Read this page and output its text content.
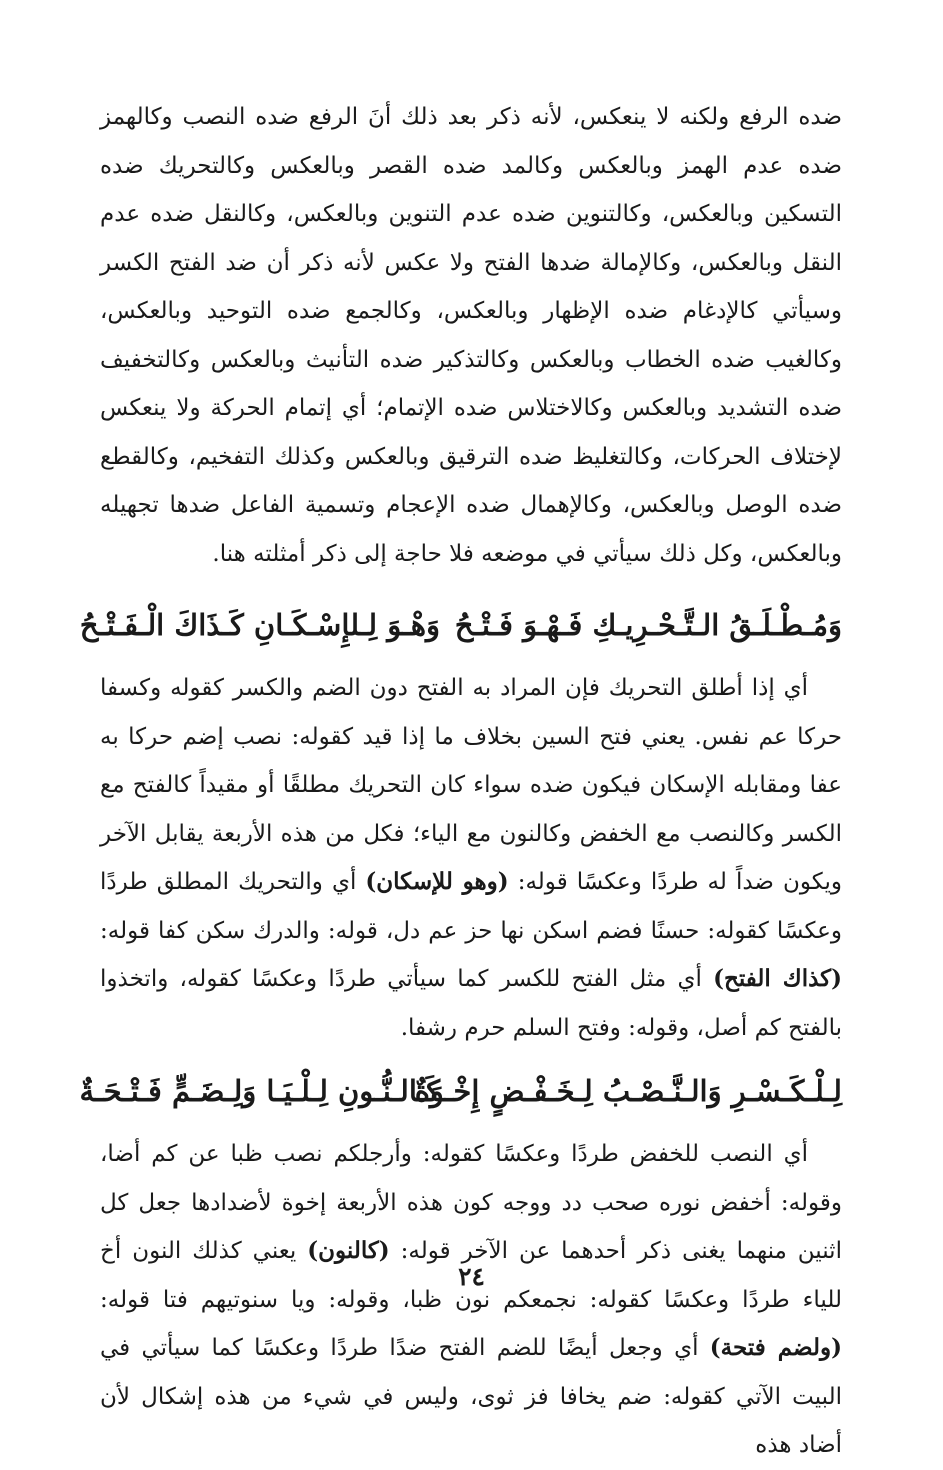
ضده الرفع ولكنه لا ينعكس، لأنه ذكر بعد ذلك أنَ الرفع ضده النصب وكالهمز ضده عدم الهمز وبالعكس وكالمد ضده القصر وبالعكس وكالتحريك ضده التسكين وبالعكس، وكالتنوين ضده عدم التنوين وبالعكس، وكالنقل ضده عدم النقل وبالعكس، وكالإمالة ضدها الفتح ولا عكس لأنه ذكر أن ضد الفتح الكسر وسيأتي كالإدغام ضده الإظهار وبالعكس، وكالجمع ضده التوحيد وبالعكس، وكالغيب ضده الخطاب وبالعكس وكالتذكير ضده التأنيث وبالعكس وكالتخفيف ضده التشديد وبالعكس وكالاختلاس ضده الإتمام؛ أي إتمام الحركة ولا ينعكس لإختلاف الحركات، وكالتغليظ ضده الترقيق وبالعكس وكذلك التفخيم، وكالقطع ضده الوصل وبالعكس، وكالإهمال ضده الإعجام وتسمية الفاعل ضدها تجهيله وبالعكس، وكل ذلك سيأتي في موضعه فلا حاجة إلى ذكر أمثلته هنا.

وَمُـطْـلَـقُ الـتَّـحْـرِيـكِ فَـهْـوَ فَـتْـحُ
وَهْـوَ لِـلإِسْـكَـانِ كَـذَاكَ الْـفَـتْـحُ

أي إذا أطلق التحريك فإن المراد به الفتح دون الضم والكسر كقوله وكسفا حركا عم نفس. يعني فتح السين بخلاف ما إذا قيد كقوله: نصب إضم حركا به عفا ومقابله الإسكان فيكون ضده سواء كان التحريك مطلقًا أو مقيداً كالفتح مع الكسر وكالنصب مع الخفض وكالنون مع الياء؛ فكل من هذه الأربعة يقابل الآخر ويكون ضداً له طردًا وعكسًا قوله: (وهو للإسكان) أي والتحريك المطلق طردًا وعكسًا كقوله: حسنًا فضم اسكن نها حز عم دل، قوله: والدرك سكن كفا قوله: (كذاك الفتح) أي مثل الفتح للكسر كما سيأتي طردًا وعكسًا كقوله، واتخذوا بالفتح كم أصل، وقوله: وفتح السلم حرم رشفا.

لِـلْـكَـسْـرِ وَالـنَّـصْـبُ لِـخَـفْـضٍ إِخْـوَةٌ
كَـالـنُّـونِ لِـلْـيَـا وَلِـضَـمٍّ فَـتْـحَـةٌ

أي النصب للخفض طردًا وعكسًا كقوله: وأرجلكم نصب ظبا عن كم أضا، وقوله: أخفض نوره صحب دد ووجه كون هذه الأربعة إخوة لأضدادها جعل كل اثنين منهما يغنى ذكر أحدهما عن الآخر قوله: (كالنون) يعني كذلك النون أخ للياء طردًا وعكسًا كقوله: نجمعكم نون ظبا، وقوله: ويا سنوتيهم فتا قوله: (ولضم فتحة) أي وجعل أيضًا للضم الفتح ضدًا طردًا وعكسًا كما سيأتي في البيت الآتي كقوله: ضم يخافا فز ثوى، وليس في شيء من هذه إشكال لأن أضاد هذه

٢٤
